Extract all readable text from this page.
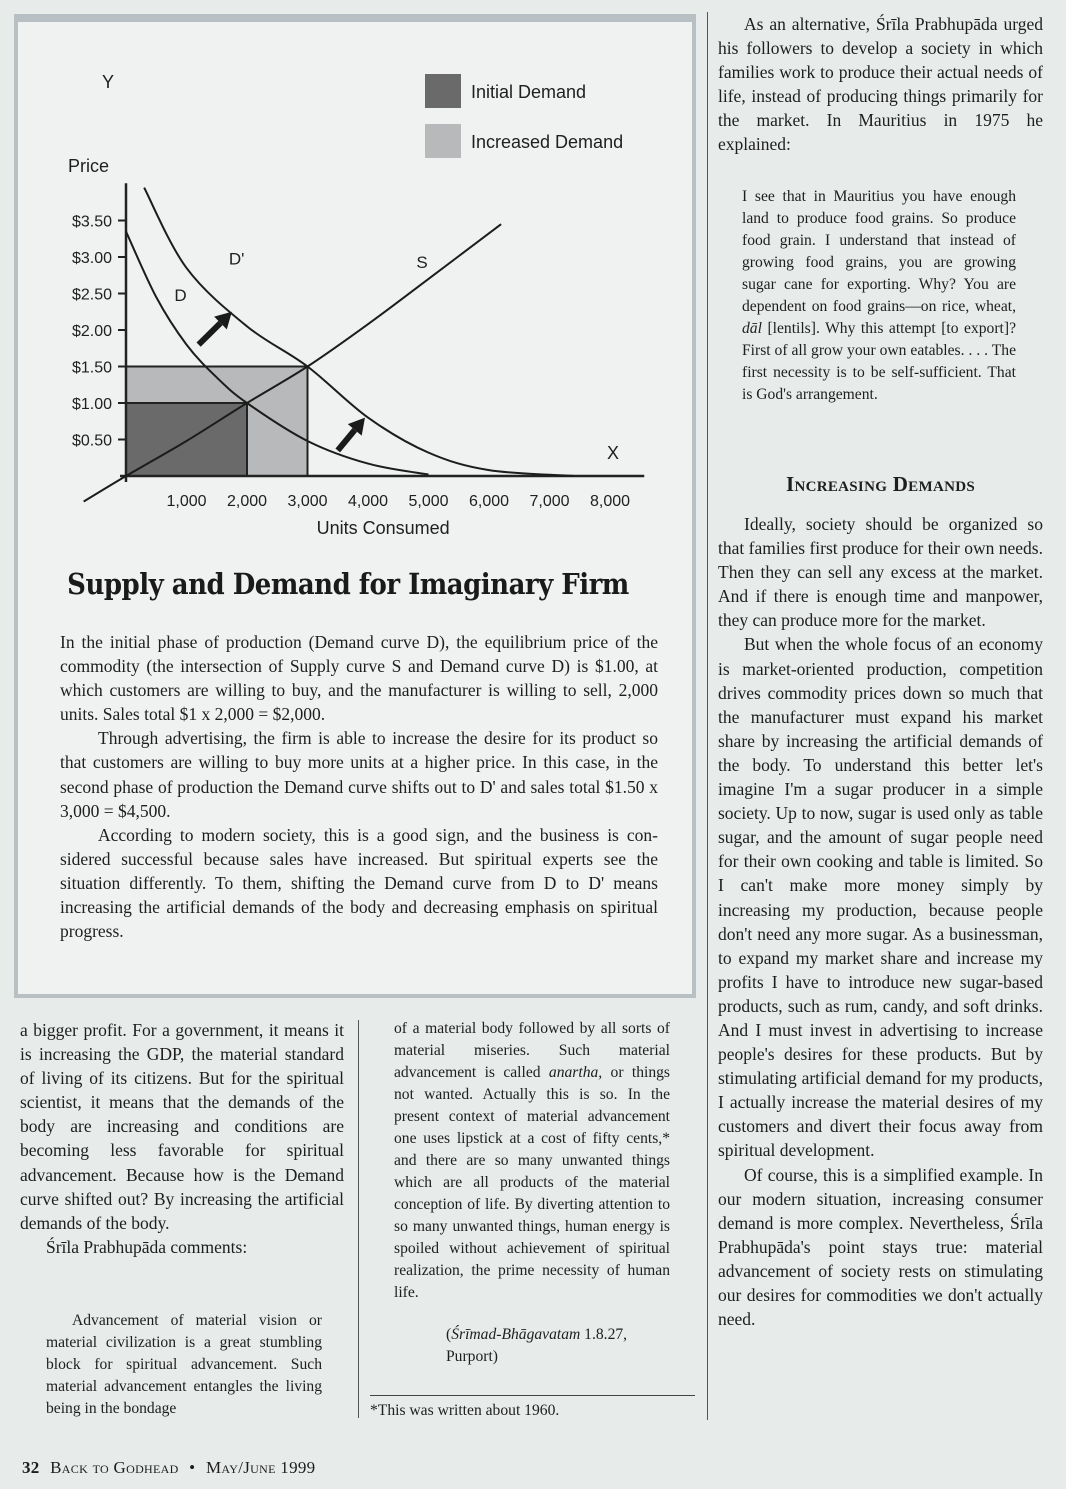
$0.50
$1.00
$1.50
$2.00
$2.50
$3.00
$3.50
1,000 2,000 3,000 4,000 5,000 6,000 7,000 8,000
S
D
D'
Units Consumed
Price
Y
X
Initial Demand
Increased Demand
Supply and Demand for Imaginary Firm

In the initial phase of production (Demand curve D), the equilibrium price of the commodity (the intersection of Supply curve S and Demand curve D) is $1.00, at which customers are willing to buy, and the manufacturer is willing to sell, 2,000 units. Sales total $1 x 2,000 = $2,000.

Through advertising, the firm is able to increase the desire for its product so that customers are willing to buy more units at a higher price. In this case, in the second phase of production the Demand curve shifts out to D' and sales total $1.50 x 3,000 = $4,500.

According to modern society, this is a good sign, and the business is con-sidered successful because sales have increased. But spiritual experts see the situation differently. To them, shifting the Demand curve from D to D' means increasing the artificial demands of the body and decreasing emphasis on spiritual progress.

a bigger profit. For a government, it means it is increasing the GDP, the material standard of living of its citizens. But for the spiritual scientist, it means that the demands of the body are increasing and conditions are becoming less favorable for spiritual advancement. Because how is the Demand curve shifted out? By increasing the artificial demands of the body.

Śrīla Prabhupāda comments:

Advancement of material vision or material civilization is a great stumbling block for spiritual advancement. Such material advancement entangles the living being in the bondage

of a material body followed by all sorts of material miseries. Such material advancement is called anartha, or things not wanted. Actually this is so. In the present context of material advancement one uses lipstick at a cost of fifty cents,* and there are so many unwanted things which are all products of the material conception of life. By diverting attention to so many unwanted things, human energy is spoiled without achievement of spiritual realization, the prime necessity of human life.

(Śrīmad-Bhāgavatam 1.8.27,
Purport)
*This was written about 1960.

As an alternative, Śrīla Prabhupāda urged his followers to develop a society in which families work to produce their actual needs of life, instead of producing things primarily for the market. In Mauritius in 1975 he explained:

I see that in Mauritius you have enough land to produce food grains. So produce food grain. I understand that instead of growing food grains, you are growing sugar cane for exporting. Why? You are dependent on food grains—on rice, wheat, dāl [lentils]. Why this attempt [to export]? First of all grow your own eatables. . . . The first necessity is to be self-sufficient. That is God's arrangement.

Increasing Demands

Ideally, society should be organized so that families first produce for their own needs. Then they can sell any excess at the market. And if there is enough time and manpower, they can produce more for the market.

But when the whole focus of an economy is market-oriented production, competition drives commodity prices down so much that the manufacturer must expand his market share by increasing the artificial demands of the body. To understand this better let's imagine I'm a sugar producer in a simple society. Up to now, sugar is used only as table sugar, and the amount of sugar people need for their own cooking and table is limited. So I can't make more money simply by increasing my production, because people don't need any more sugar. As a businessman, to expand my market share and increase my profits I have to introduce new sugar-based products, such as rum, candy, and soft drinks. And I must invest in advertising to increase people's desires for these products. But by stimulating artificial demand for my products, I actually increase the material desires of my customers and divert their focus away from spiritual development.

Of course, this is a simplified example. In our modern situation, increasing consumer demand is more complex. Nevertheless, Śrīla Prabhupāda's point stays true: material advancement of society rests on stimulating our desires for commodities we don't actually need.

32 Back to Godhead • May/June 1999
